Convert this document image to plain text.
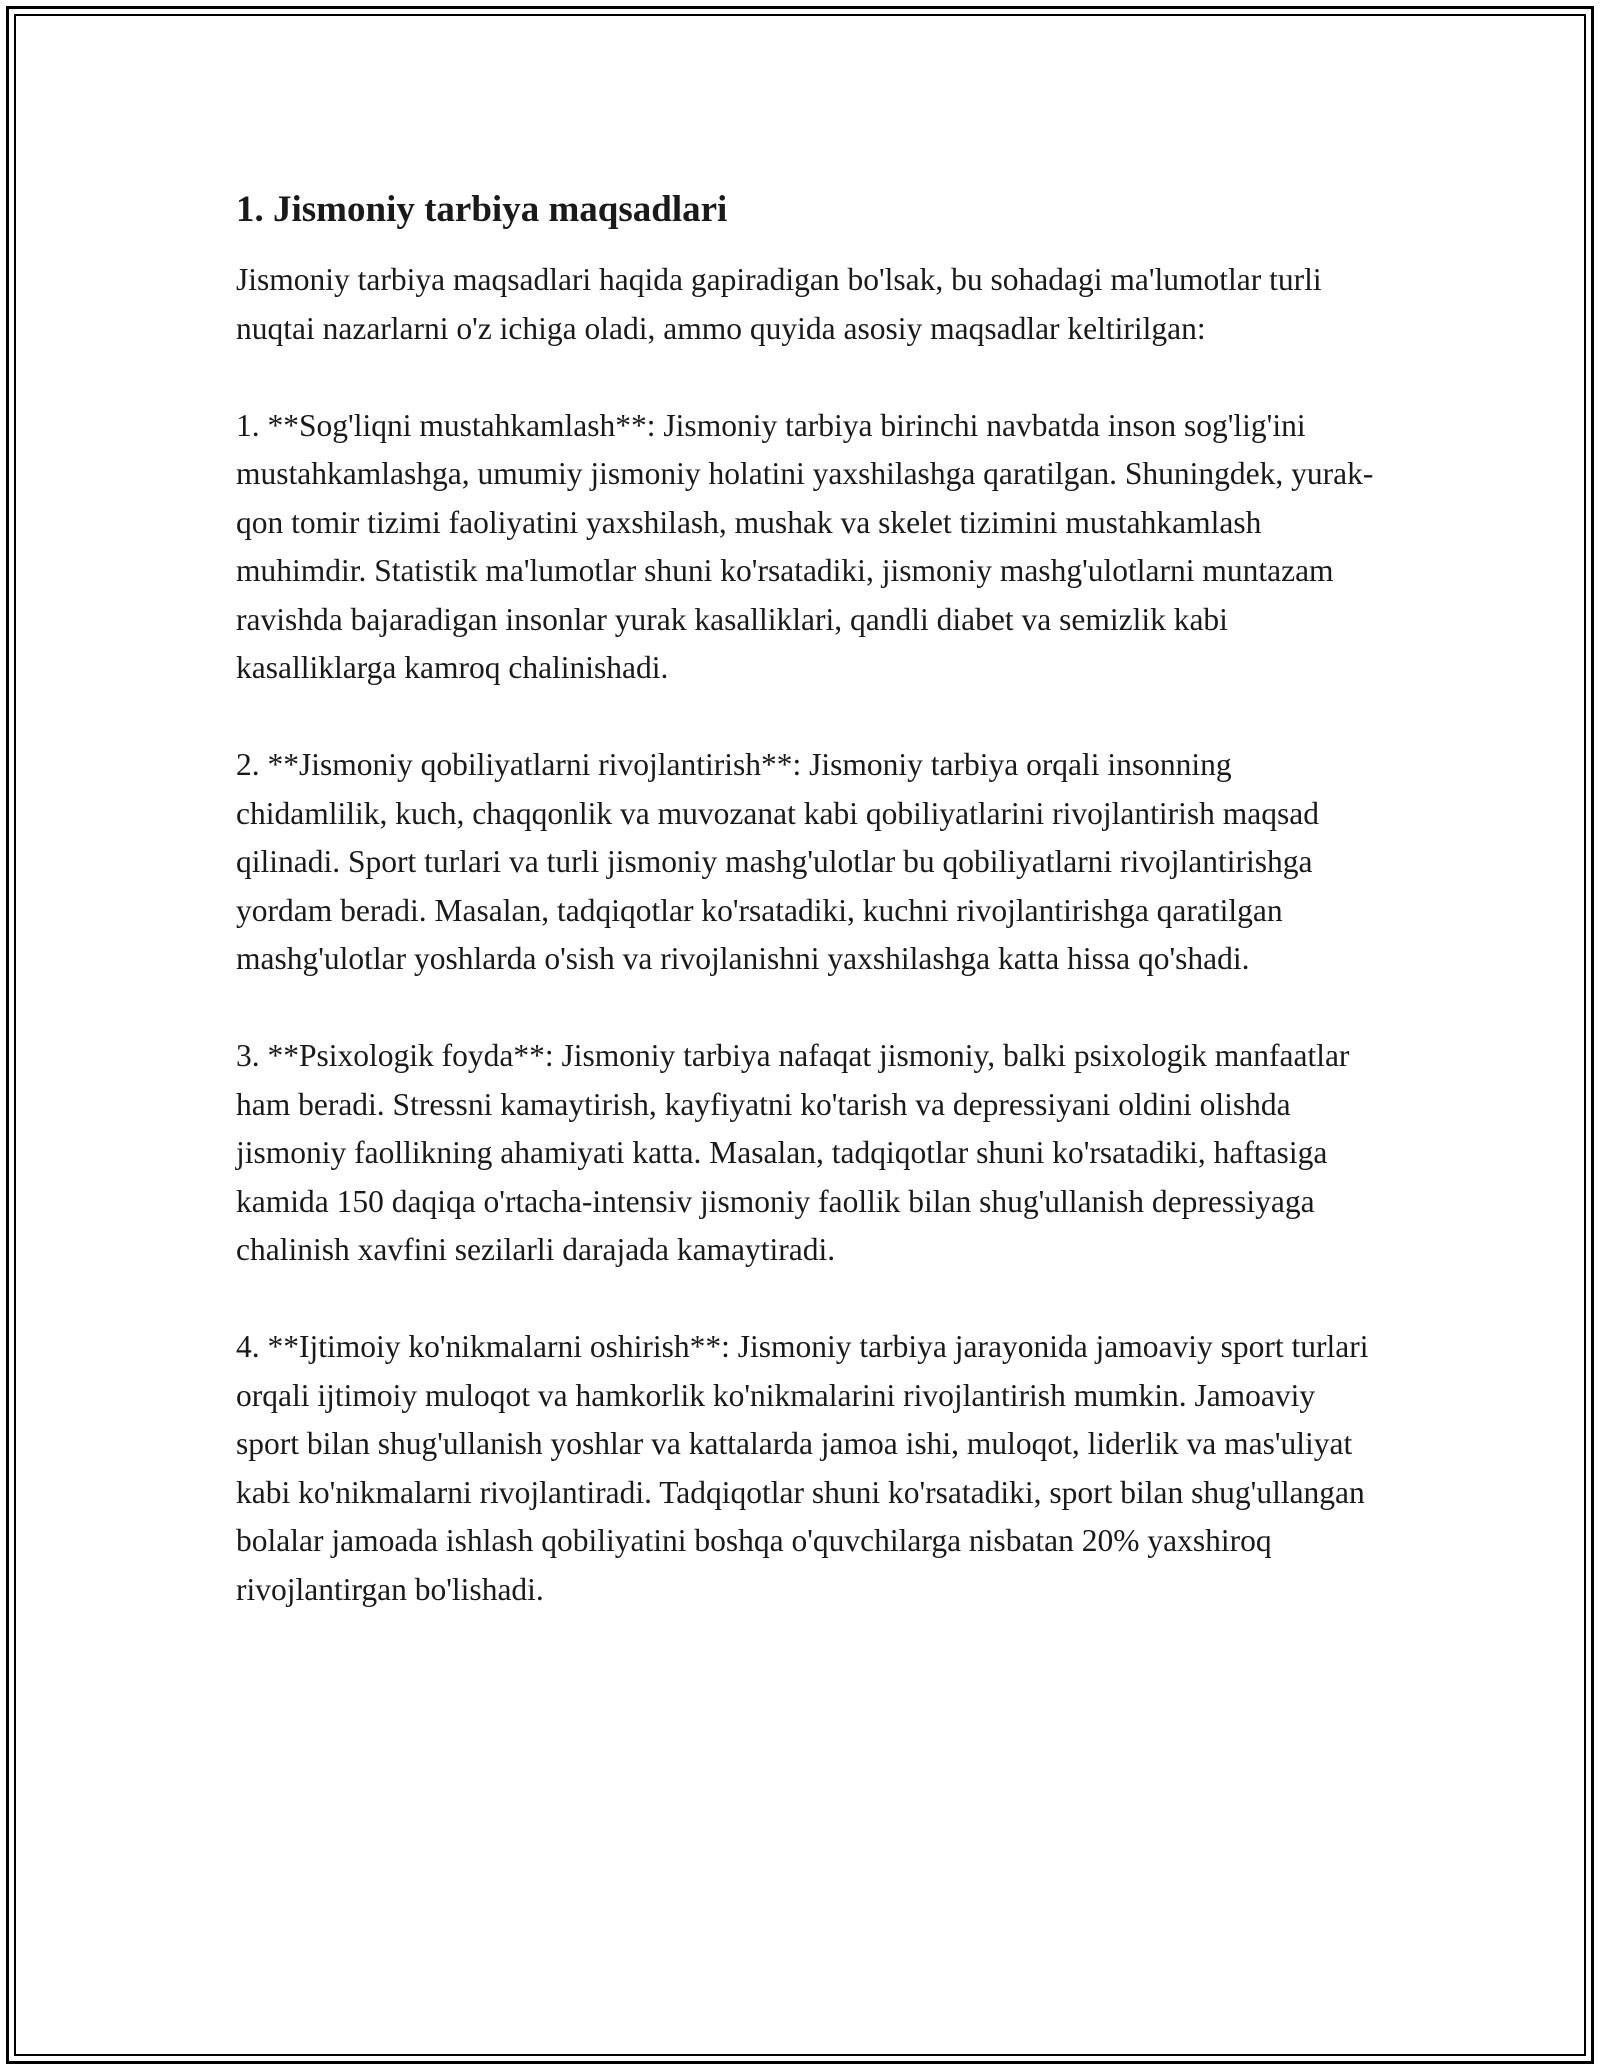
1. Jismoniy tarbiya maqsadlari

Jismoniy tarbiya maqsadlari haqida gapiradigan bo'lsak, bu sohadagi ma'lumotlar turli nuqtai nazarlarni o'z ichiga oladi, ammo quyida asosiy maqsadlar keltirilgan:

1. **Sog'liqni mustahkamlash**: Jismoniy tarbiya birinchi navbatda inson sog'lig'ini mustahkamlashga, umumiy jismoniy holatini yaxshilashga qaratilgan. Shuningdek, yurak-qon tomir tizimi faoliyatini yaxshilash, mushak va skelet tizimini mustahkamlash muhimdir. Statistik ma'lumotlar shuni ko'rsatadiki, jismoniy mashg'ulotlarni muntazam ravishda bajaradigan insonlar yurak kasalliklari, qandli diabet va semizlik kabi kasalliklarga kamroq chalinishadi.

2. **Jismoniy qobiliyatlarni rivojlantirish**: Jismoniy tarbiya orqali insonning chidamlilik, kuch, chaqqonlik va muvozanat kabi qobiliyatlarini rivojlantirish maqsad qilinadi. Sport turlari va turli jismoniy mashg'ulotlar bu qobiliyatlarni rivojlantirishga yordam beradi. Masalan, tadqiqotlar ko'rsatadiki, kuchni rivojlantirishga qaratilgan mashg'ulotlar yoshlarda o'sish va rivojlanishni yaxshilashga katta hissa qo'shadi.

3. **Psixologik foyda**: Jismoniy tarbiya nafaqat jismoniy, balki psixologik manfaatlar ham beradi. Stressni kamaytirish, kayfiyatni ko'tarish va depressiyani oldini olishda jismoniy faollikning ahamiyati katta. Masalan, tadqiqotlar shuni ko'rsatadiki, haftasiga kamida 150 daqiqa o'rtacha-intensiv jismoniy faollik bilan shug'ullanish depressiyaga chalinish xavfini sezilarli darajada kamaytiradi.

4. **Ijtimoiy ko'nikmalarni oshirish**: Jismoniy tarbiya jarayonida jamoaviy sport turlari orqali ijtimoiy muloqot va hamkorlik ko'nikmalarini rivojlantirish mumkin. Jamoaviy sport bilan shug'ullanish yoshlar va kattalarda jamoa ishi, muloqot, liderlik va mas'uliyat kabi ko'nikmalarni rivojlantiradi. Tadqiqotlar shuni ko'rsatadiki, sport bilan shug'ullangan bolalar jamoada ishlash qobiliyatini boshqa o'quvchilarga nisbatan 20% yaxshiroq rivojlantirgan bo'lishadi.
